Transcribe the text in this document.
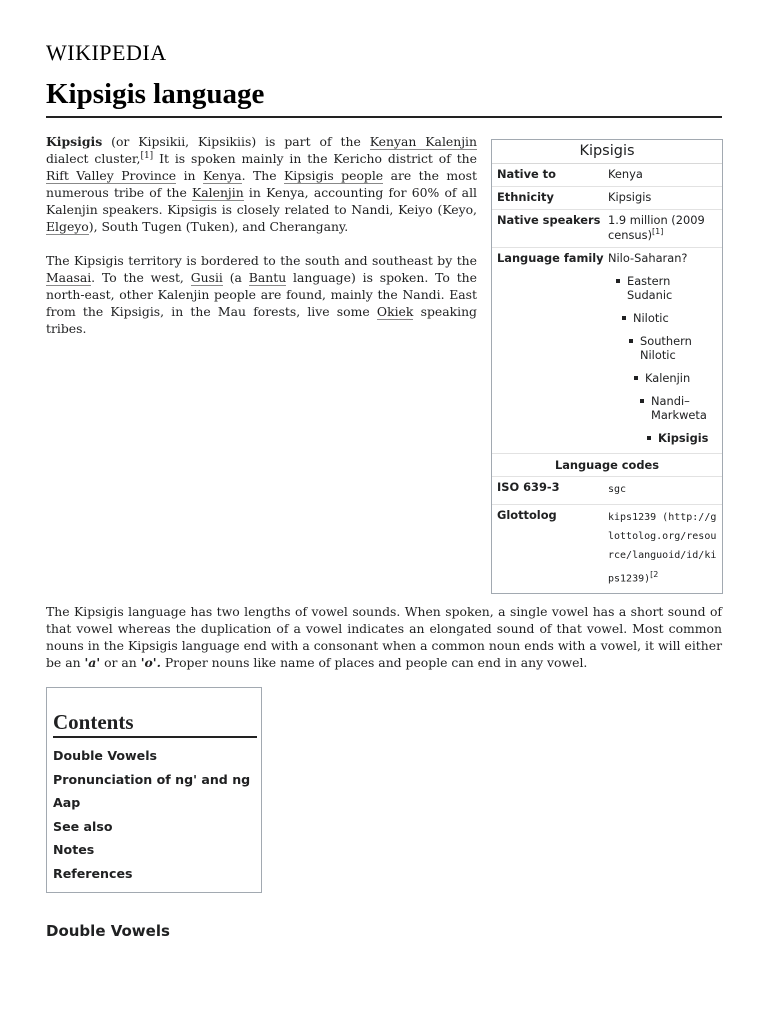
WIKIPEDIA
Kipsigis language

Kipsigis (or Kipsikii, Kipsikiis) is part of the Kenyan Kalenjin dialect cluster,[1] It is spoken mainly in the Kericho district of the Rift Valley Province in Kenya. The Kipsigis people are the most numerous tribe of the Kalenjin in Kenya, accounting for 60% of all Kalenjin speakers. Kipsigis is closely related to Nandi, Keiyo (Keyo, Elgeyo), South Tugen (Tuken), and Cherangany.

The Kipsigis territory is bordered to the south and southeast by the Maasai. To the west, Gusii (a Bantu language) is spoken. To the north-east, other Kalenjin people are found, mainly the Nandi. East from the Kipsigis, in the Mau forests, live some Okiek speaking tribes.

Kipsigis
Native to	Kenya
Ethnicity	Kipsigis
Native speakers 1.9 million (2009 census)[1]
Language family Nilo-Saharan?
Eastern Sudanic
Nilotic
Southern Nilotic
Kalenjin
Nandi–Markweta
Kipsigis
Language codes
ISO 639-3	sgc
Glottolog	kips1239 (http://glottolog.org/resource/languoid/id/kips1239)$^{[2}$

The Kipsigis language has two lengths of vowel sounds. When spoken, a single vowel has a short sound of that vowel whereas the duplication of a vowel indicates an elongated sound of that vowel. Most common nouns in the Kipsigis language end with a consonant when a common noun ends with a vowel, it will either be an 'a' or an 'o'. Proper nouns like name of places and people can end in any vowel.

Contents
Double Vowels
Pronunciation of ng' and ng
Aap
See also
Notes
References
Double Vowels
